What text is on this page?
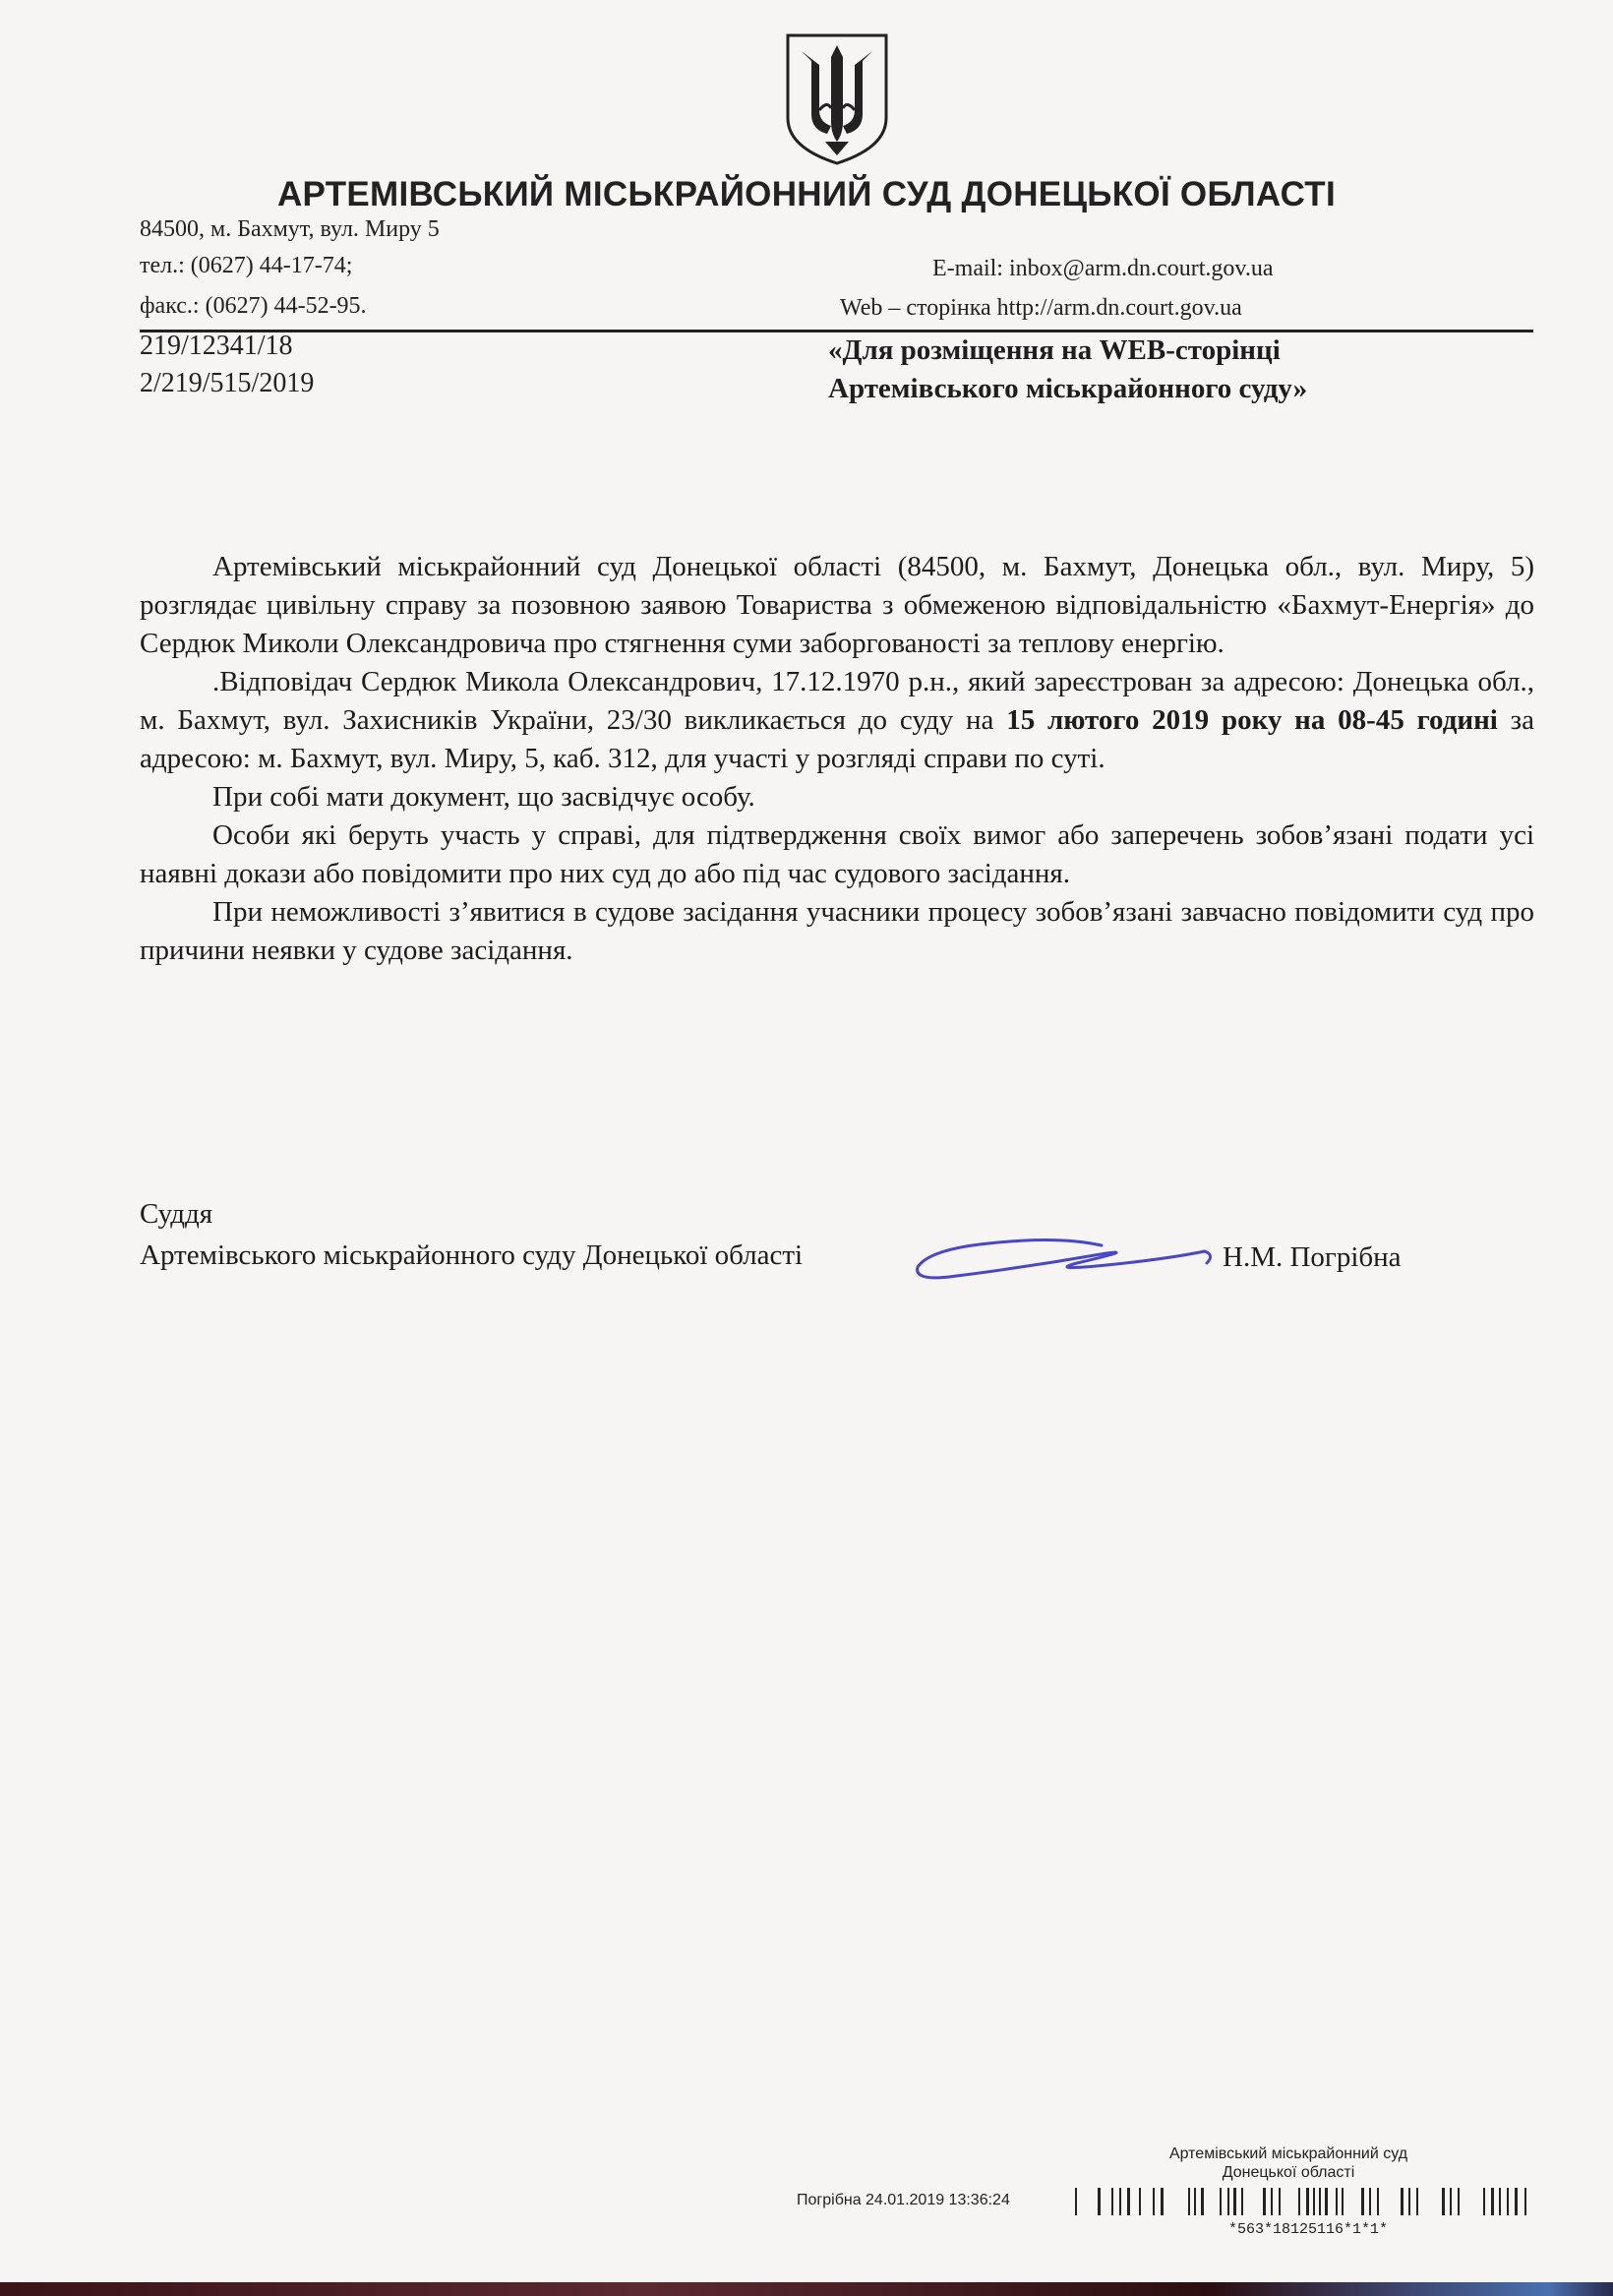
АРТЕМІВСЬКИЙ МІСЬКРАЙОННИЙ СУД ДОНЕЦЬКОЇ ОБЛАСТІ
84500, м. Бахмут, вул. Миру 5
тел.: (0627) 44-17-74;
факс.: (0627) 44-52-95.
E-mail: inbox@arm.dn.court.gov.ua
Web – сторінка http://arm.dn.court.gov.ua
219/12341/18
2/219/515/2019
«Для розміщення на WEB-сторінці
Артемівського міськрайонного суду»

Артемівський міськрайонний суд Донецької області (84500, м. Бахмут, Донецька обл., вул. Миру, 5) розглядає цивільну справу за позовною заявою Товариства з обмеженою відповідальністю «Бахмут-Енергія» до Сердюк Миколи Олександровича про стягнення суми заборгованості за теплову енергію.

.Відповідач Сердюк Микола Олександрович, 17.12.1970 р.н., який зареєстрован за адресою: Донецька обл., м. Бахмут, вул. Захисників України, 23/30 викликається до суду на 15 лютого 2019 року на 08-45 годині за адресою: м. Бахмут, вул. Миру, 5, каб. 312, для участі у розгляді справи по суті.

При собі мати документ, що засвідчує особу.

Особи які беруть участь у справі, для підтвердження своїх вимог або заперечень зобов’язані подати усі наявні докази або повідомити про них суд до або під час судового засідання.

При неможливості з’явитися в судове засідання учасники процесу зобов’язані завчасно повідомити суд про причини неявки у судове засідання.

Суддя
Артемівського міськрайонного суду Донецької області	Н.М. Погрібна
Артемівський міськрайонний суд
Донецької області
Погрібна 24.01.2019 13:36:24
*563*18125116*1*1*
